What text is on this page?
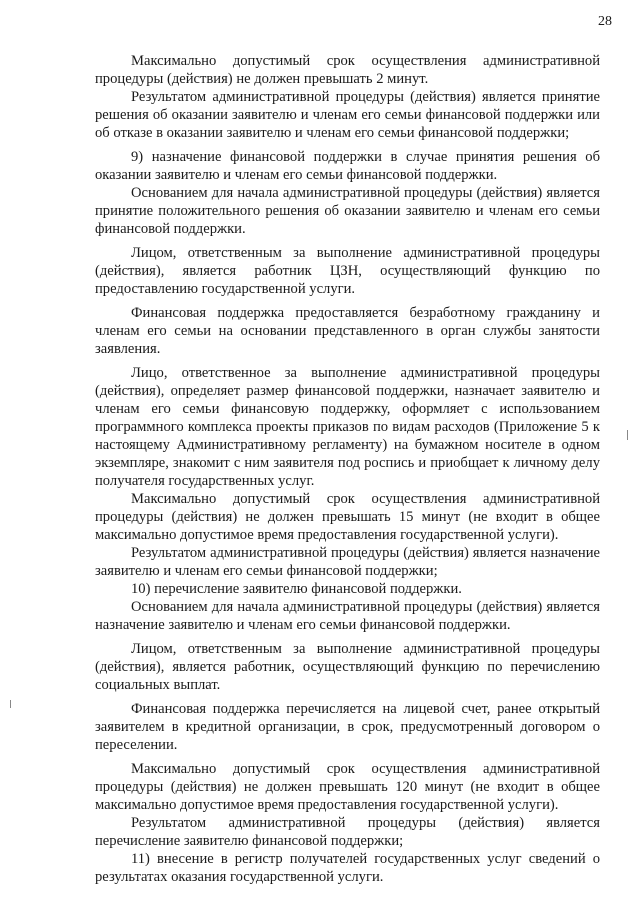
28

Максимально допустимый срок осуществления административной процедуры (действия) не должен превышать 2 минут.

Результатом административной процедуры (действия) является принятие решения об оказании заявителю и членам его семьи финансовой поддержки или об отказе в оказании заявителю и членам его семьи финансовой поддержки;

9) назначение финансовой поддержки в случае принятия решения об оказании заявителю и членам его семьи финансовой поддержки.

Основанием для начала административной процедуры (действия) является принятие положительного решения об оказании заявителю и членам его семьи финансовой поддержки.

Лицом, ответственным за выполнение административной процедуры (действия), является работник ЦЗН, осуществляющий функцию по предоставлению государственной услуги.

Финансовая поддержка предоставляется безработному гражданину и членам его семьи на основании представленного в орган службы занятости заявления.

Лицо, ответственное за выполнение административной процедуры (действия), определяет размер финансовой поддержки, назначает заявителю и членам его семьи финансовую поддержку, оформляет с использованием программного комплекса проекты приказов по видам расходов (Приложение 5 к настоящему Административному регламенту) на бумажном носителе в одном экземпляре, знакомит с ним заявителя под роспись и приобщает к личному делу получателя государственных услуг.

Максимально допустимый срок осуществления административной процедуры (действия) не должен превышать 15 минут (не входит в общее максимально допустимое время предоставления государственной услуги).

Результатом административной процедуры (действия) является назначение заявителю и членам его семьи финансовой поддержки;

10) перечисление заявителю финансовой поддержки.

Основанием для начала административной процедуры (действия) является назначение заявителю и членам его семьи финансовой поддержки.

Лицом, ответственным за выполнение административной процедуры (действия), является работник, осуществляющий функцию по перечислению социальных выплат.

Финансовая поддержка перечисляется на лицевой счет, ранее открытый заявителем в кредитной организации, в срок, предусмотренный договором о переселении.

Максимально допустимый срок осуществления административной процедуры (действия) не должен превышать 120 минут (не входит в общее максимально допустимое время предоставления государственной услуги).

Результатом административной процедуры (действия) является перечисление заявителю финансовой поддержки;

11) внесение в регистр получателей государственных услуг сведений о результатах оказания государственной услуги.
